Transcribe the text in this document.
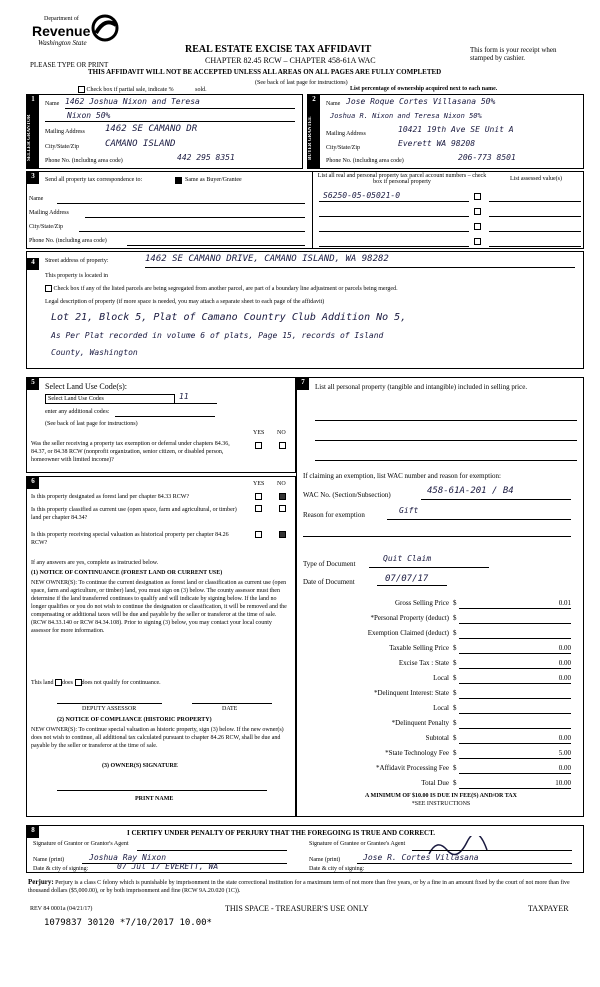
Department of
Revenue
Washington State
PLEASE TYPE OR PRINT
REAL ESTATE EXCISE TAX AFFIDAVIT
CHAPTER 82.45 RCW – CHAPTER 458-61A WAC
(See back of last page for instructions)
THIS AFFIDAVIT WILL NOT BE ACCEPTED UNLESS ALL AREAS ON ALL PAGES ARE FULLY COMPLETED
This form is your receipt when stamped by cashier.
Check box if partial sale, indicate %	sold.	List percentage of ownership acquired next to each name.
1
SELLER GRANTOR
Name 1462 Joshua Nixon and Teresa
Nixon 50%
Mailing Address 1462 SE CAMANO DR
City/State/Zip	CAMANO ISLAND
Phone No. (including area code)	442 295 8351
2
BUYER GRANTEE
Name Jose Roque Cortes Villasana 50%
Joshua R. Nixon and Teresa Nixon 50%
Mailing Address	10421 19th Ave SE Unit A
City/State/Zip	Everett WA 98208
Phone No. (including area code)	206-773 8501
3	Send all property tax correspondence to:	Same as Buyer/Grantee
Name
Mailing Address
City/State/Zip
Phone No. (including area code)
List all real and personal property tax parcel account numbers – check box if personal property
S6250-05-05021-0
List assessed value(s)
4	Street address of property:	1462 SE CAMANO DRIVE, CAMANO ISLAND, WA 98282
This property is located in
Check box if any of the listed parcels are being segregated from another parcel, are part of a boundary line adjustment or parcels being merged.
Legal description of property (if more space is needed, you may attach a separate sheet to each page of the affidavit)
Lot 21, Block 5, Plat of Camano Country Club Addition No 5,
As Per Plat recorded in volume 6 of plats, Page 15, records of Island
County, Washington
5	Select Land Use Code(s):
Select Land Use Codes	11
enter any additional codes:
(See back of last page for instructions)
YES NO
Was the seller receiving a property tax exemption or deferral under chapters 84.36, 84.37, or 84.38 RCW (nonprofit organization, senior citizen, or disabled person, homeowner with limited income)?
6	YES NO
Is this property designated as forest land per chapter 84.33 RCW?
Is this property classified as current use (open space, farm and agricultural, or timber) land per chapter 84.34?
Is this property receiving special valuation as historical property per chapter 84.26 RCW?
If any answers are yes, complete as instructed below.
(1) NOTICE OF CONTINUANCE (FOREST LAND OR CURRENT USE)
NEW OWNER(S): To continue the current designation as forest land or classification as current use (open space, farm and agriculture, or timber) land, you must sign on (3) below. The county assessor must then determine if the land transferred continues to qualify and will indicate by signing below. If the land no longer qualifies or you do not wish to continue the designation or classification, it will be removed and the compensating or additional taxes will be due and payable by the seller or transferor at the time of sale. (RCW 84.33.140 or RCW 84.34.108). Prior to signing (3) below, you may contact your local county assessor for more information.
This land does does not qualify for continuance.
DEPUTY ASSESSOR	DATE
(2) NOTICE OF COMPLIANCE (HISTORIC PROPERTY)
NEW OWNER(S): To continue special valuation as historic property, sign (3) below. If the new owner(s) does not wish to continue, all additional tax calculated pursuant to chapter 84.26 RCW, shall be due and payable by the seller or transferor at the time of sale.
(3) OWNER(S) SIGNATURE
PRINT NAME
7
List all personal property (tangible and intangible) included in selling price.
If claiming an exemption, list WAC number and reason for exemption:
WAC No. (Section/Subsection)	458-61A-201 / B4
Reason for exemption	Gift
Type of Document
Quit Claim
Date of Document	07/07/17
Gross Selling Price $	0.01
*Personal Property (deduct) $
Exemption Claimed (deduct) $
Taxable Selling Price $	0.00
Excise Tax : State $	0.00
Local $	0.00
*Delinquent Interest: State $
Local $
*Delinquent Penalty $
Subtotal $	0.00
*State Technology Fee $	5.00
*Affidavit Processing Fee $	0.00
Total Due $	10.00
A MINIMUM OF $10.00 IS DUE IN FEE(S) AND/OR TAX
*SEE INSTRUCTIONS
8	I CERTIFY UNDER PENALTY OF PERJURY THAT THE FOREGOING IS TRUE AND CORRECT.
Signature of Grantor or Grantor's Agent
Name (print)	Joshua Ray Nixon
Date & city of signing:	07 Jul 17 EVERETT, WA
Signature of Grantee or Grantee's Agent
Name (print)	Jose R. Cortes Villasana
Date & city of signing:
Perjury: Perjury is a class C felony which is punishable by imprisonment in the state correctional institution for a maximum term of not more than five years, or by a fine in an amount fixed by the court of not more than five thousand dollars ($5,000.00), or by both imprisonment and fine (RCW 9A.20.020 (1C)).
REV 84 0001a (04/21/17)	THIS SPACE - TREASURER'S USE ONLY	TAXPAYER
1079837 30120 *7/10/2017 10.00*
